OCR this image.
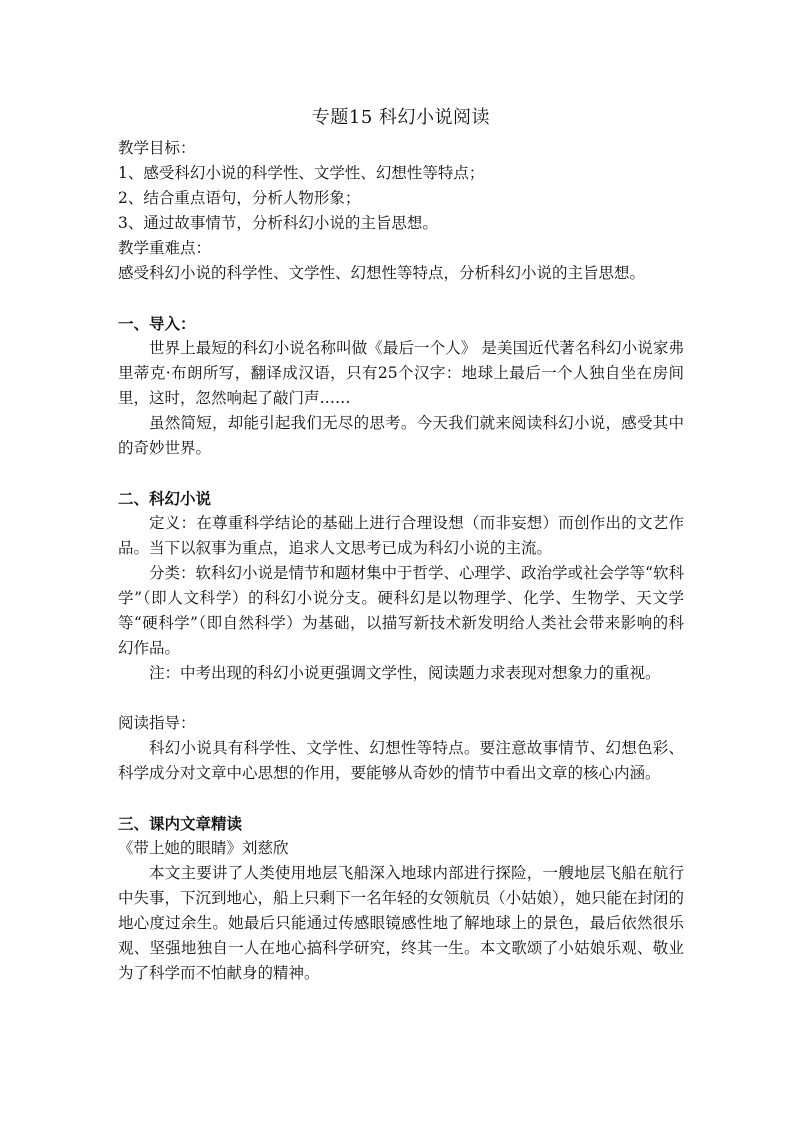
专题15 科幻小说阅读

教学目标：

1、感受科幻小说的科学性、文学性、幻想性等特点；

2、结合重点语句，分析人物形象；

3、通过故事情节，分析科幻小说的主旨思想。

教学重难点：

感受科幻小说的科学性、文学性、幻想性等特点，分析科幻小说的主旨思想。

一、导入：

世界上最短的科幻小说名称叫做《最后一个人》 是美国近代著名科幻小说家弗里蒂克·布朗所写，翻译成汉语，只有25个汉字：地球上最后一个人独自坐在房间里，这时，忽然响起了敲门声……

虽然简短，却能引起我们无尽的思考。今天我们就来阅读科幻小说，感受其中的奇妙世界。

二、科幻小说

定义：在尊重科学结论的基础上进行合理设想（而非妄想）而创作出的文艺作品。当下以叙事为重点，追求人文思考已成为科幻小说的主流。

分类：软科幻小说是情节和题材集中于哲学、心理学、政治学或社会学等“软科学”（即人文科学）的科幻小说分支。硬科幻是以物理学、化学、生物学、天文学等“硬科学”（即自然科学）为基础，以描写新技术新发明给人类社会带来影响的科幻作品。

注：中考出现的科幻小说更强调文学性，阅读题力求表现对想象力的重视。

阅读指导：

科幻小说具有科学性、文学性、幻想性等特点。要注意故事情节、幻想色彩、科学成分对文章中心思想的作用，要能够从奇妙的情节中看出文章的核心内涵。

三、课内文章精读

《带上她的眼睛》刘慈欣

本文主要讲了人类使用地层飞船深入地球内部进行探险，一艘地层飞船在航行中失事，下沉到地心，船上只剩下一名年轻的女领航员（小姑娘），她只能在封闭的地心度过余生。她最后只能通过传感眼镜感性地了解地球上的景色，最后依然很乐观、坚强地独自一人在地心搞科学研究，终其一生。本文歌颂了小姑娘乐观、敬业为了科学而不怕献身的精神。
